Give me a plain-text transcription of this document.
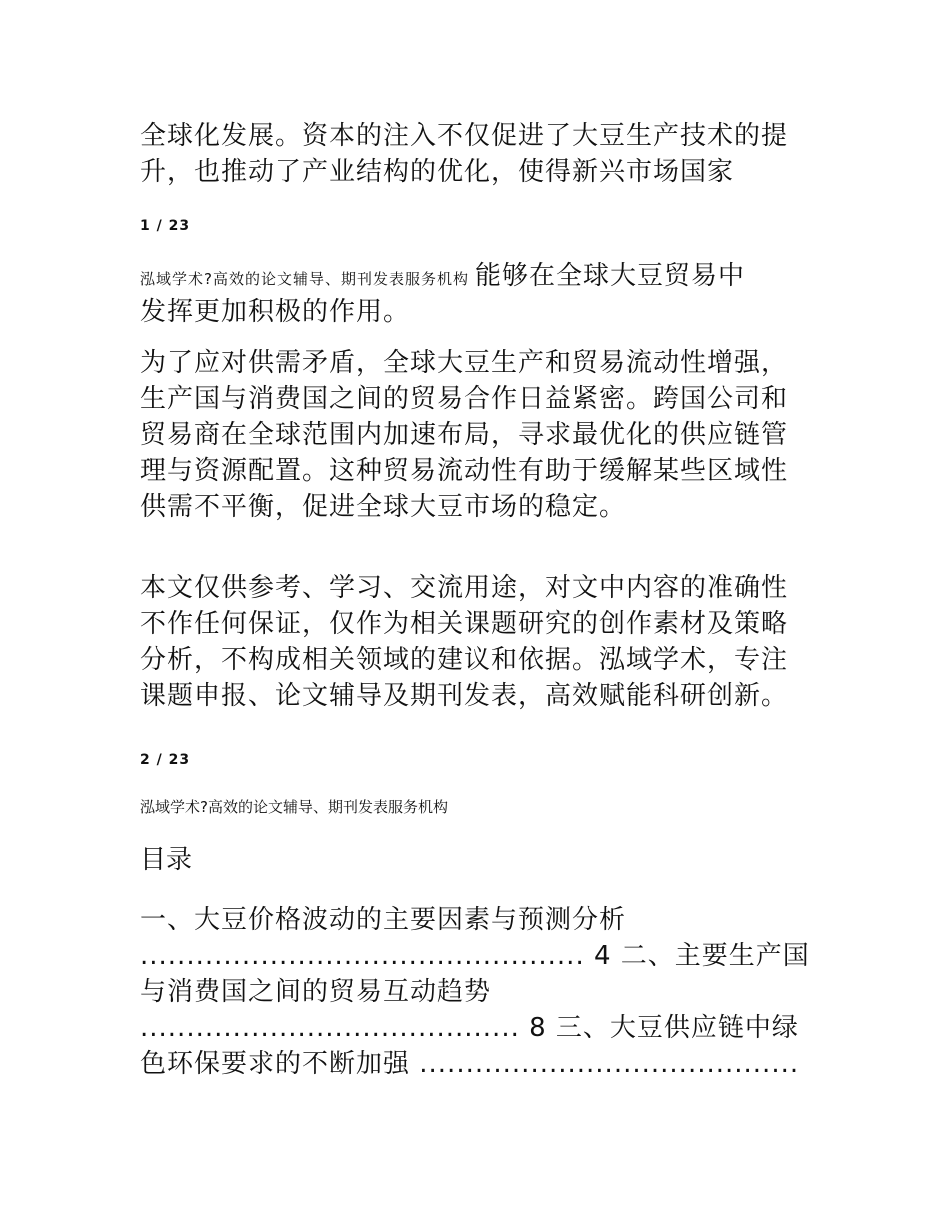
全球化发展。资本的注入不仅促进了大豆生产技术的提
升，也推动了产业结构的优化，使得新兴市场国家
1 / 23
泓域学术?高效的论文辅导、期刊发表服务机构 能够在全球大豆贸易中
发挥更加积极的作用。
为了应对供需矛盾，全球大豆生产和贸易流动性增强，
生产国与消费国之间的贸易合作日益紧密。跨国公司和
贸易商在全球范围内加速布局，寻求最优化的供应链管
理与资源配置。这种贸易流动性有助于缓解某些区域性
供需不平衡，促进全球大豆市场的稳定。
本文仅供参考、学习、交流用途，对文中内容的准确性
不作任何保证，仅作为相关课题研究的创作素材及策略
分析，不构成相关领域的建议和依据。泓域学术，专注
课题申报、论文辅导及期刊发表，高效赋能科研创新。
2 / 23
泓域学术?高效的论文辅导、期刊发表服务机构
目录
一、大豆价格波动的主要因素与预测分析
................................................ 4 二、主要生产国
与消费国之间的贸易互动趋势
......................................... 8 三、大豆供应链中绿
色环保要求的不断加强 .........................................
